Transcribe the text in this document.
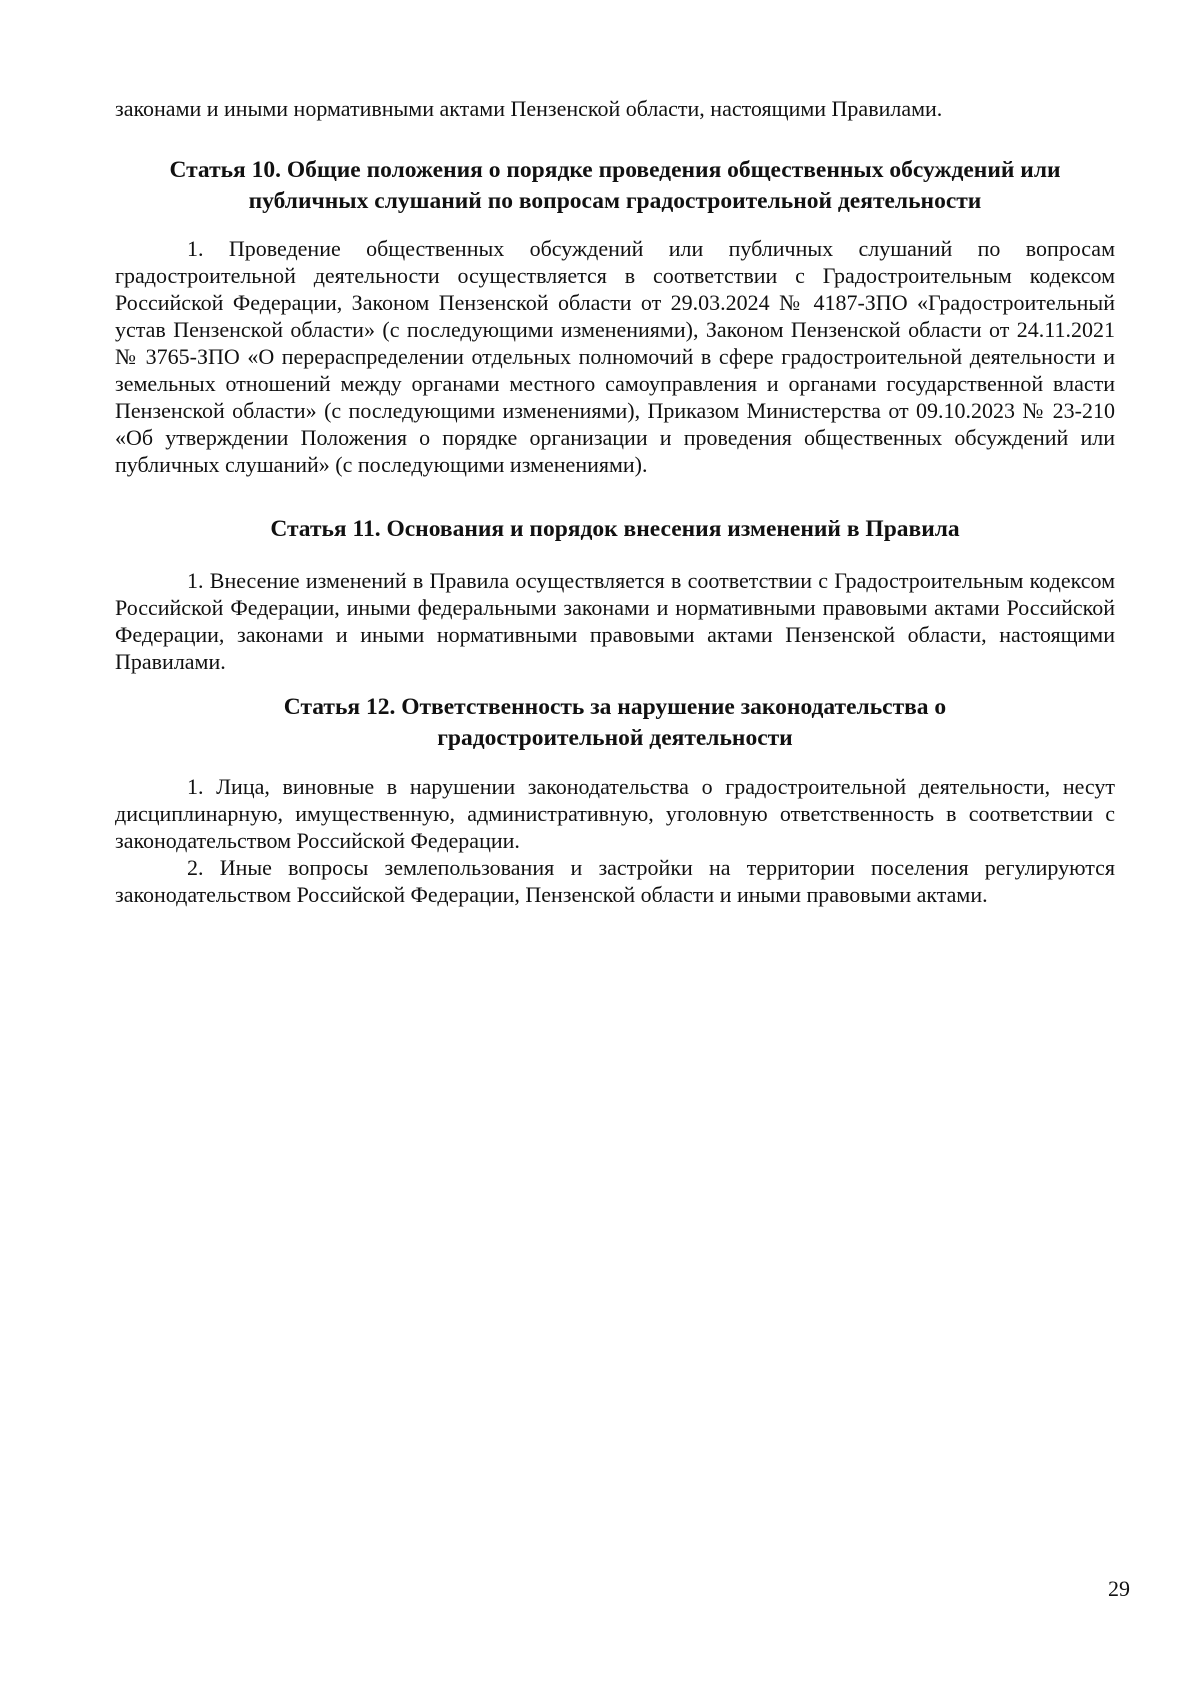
законами и иными нормативными актами Пензенской области, настоящими Правилами.

Статья 10. Общие положения о порядке проведения общественных обсуждений или
публичных слушаний по вопросам градостроительной деятельности

1. Проведение общественных обсуждений или публичных слушаний по вопросам градостроительной деятельности осуществляется в соответствии с Градостроительным кодексом Российской Федерации, Законом Пензенской области от 29.03.2024 № 4187-ЗПО «Градостроительный устав Пензенской области» (с последующими изменениями), Законом Пензенской области от 24.11.2021 № 3765-ЗПО «О перераспределении отдельных полномочий в сфере градостроительной деятельности и земельных отношений между органами местного самоуправления и органами государственной власти Пензенской области» (с последующими изменениями), Приказом Министерства от 09.10.2023 № 23-210 «Об утверждении Положения о порядке организации и проведения общественных обсуждений или публичных слушаний» (с последующими изменениями).

Статья 11. Основания и порядок внесения изменений в Правила

1. Внесение изменений в Правила осуществляется в соответствии с Градостроительным кодексом Российской Федерации, иными федеральными законами и нормативными правовыми актами Российской Федерации, законами и иными нормативными правовыми актами Пензенской области, настоящими Правилами.

Статья 12. Ответственность за нарушение законодательства о
градостроительной деятельности

1. Лица, виновные в нарушении законодательства о градостроительной деятельности, несут дисциплинарную, имущественную, административную, уголовную ответственность в соответствии с законодательством Российской Федерации.

2. Иные вопросы землепользования и застройки на территории поселения регулируются законодательством Российской Федерации, Пензенской области и иными правовыми актами.

29
